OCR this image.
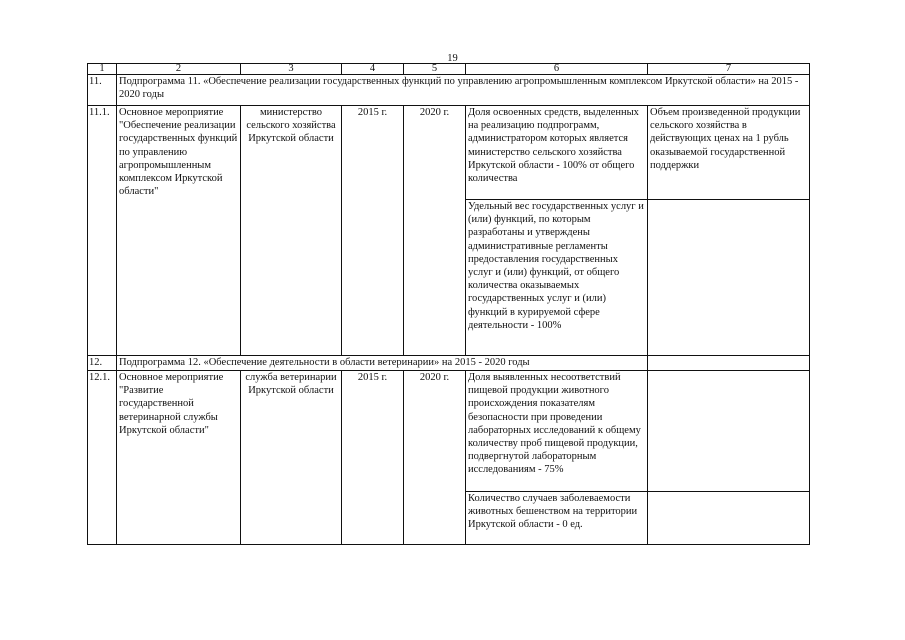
19
1	2	3	4	5	6	7
11.	Подпрограмма 11. «Обеспечение реализации государственных функций по управлению агропромышленным комплексом Иркутской области» на 2015 - 2020 годы					
11.1.	Основное мероприятие "Обеспечение реализации государственных функций по управлению агропромышленным комплексом Иркутской области"	министерство сельского хозяйства Иркутской области	2015 г.	2020 г.	Доля освоенных средств, выделенных на реализацию подпрограмм, администратором которых является министерство сельского хозяйства Иркутской области - 100% от общего количества	Объем произведенной продукции сельского хозяйства в действующих ценах на 1 рубль оказываемой государственной поддержки
					Удельный вес государственных услуг и (или) функций, по которым разработаны и утверждены административные регламенты предоставления государственных услуг и (или) функций, от общего количества оказываемых государственных услуг и (или) функций в курируемой сфере деятельности - 100%	
12.	Подпрограмма 12. «Обеспечение деятельности в области ветеринарии» на 2015 - 2020 годы					
12.1.	Основное мероприятие "Развитие государственной ветеринарной службы Иркутской области"	служба ветеринарии Иркутской области	2015 г.	2020 г.	Доля выявленных несоответствий пищевой продукции животного происхождения показателям безопасности при проведении лабораторных исследований к общему количеству проб пищевой продукции, подвергнутой лабораторным исследованиям - 75%	
					Количество случаев заболеваемости животных бешенством на территории Иркутской области - 0 ед.	
